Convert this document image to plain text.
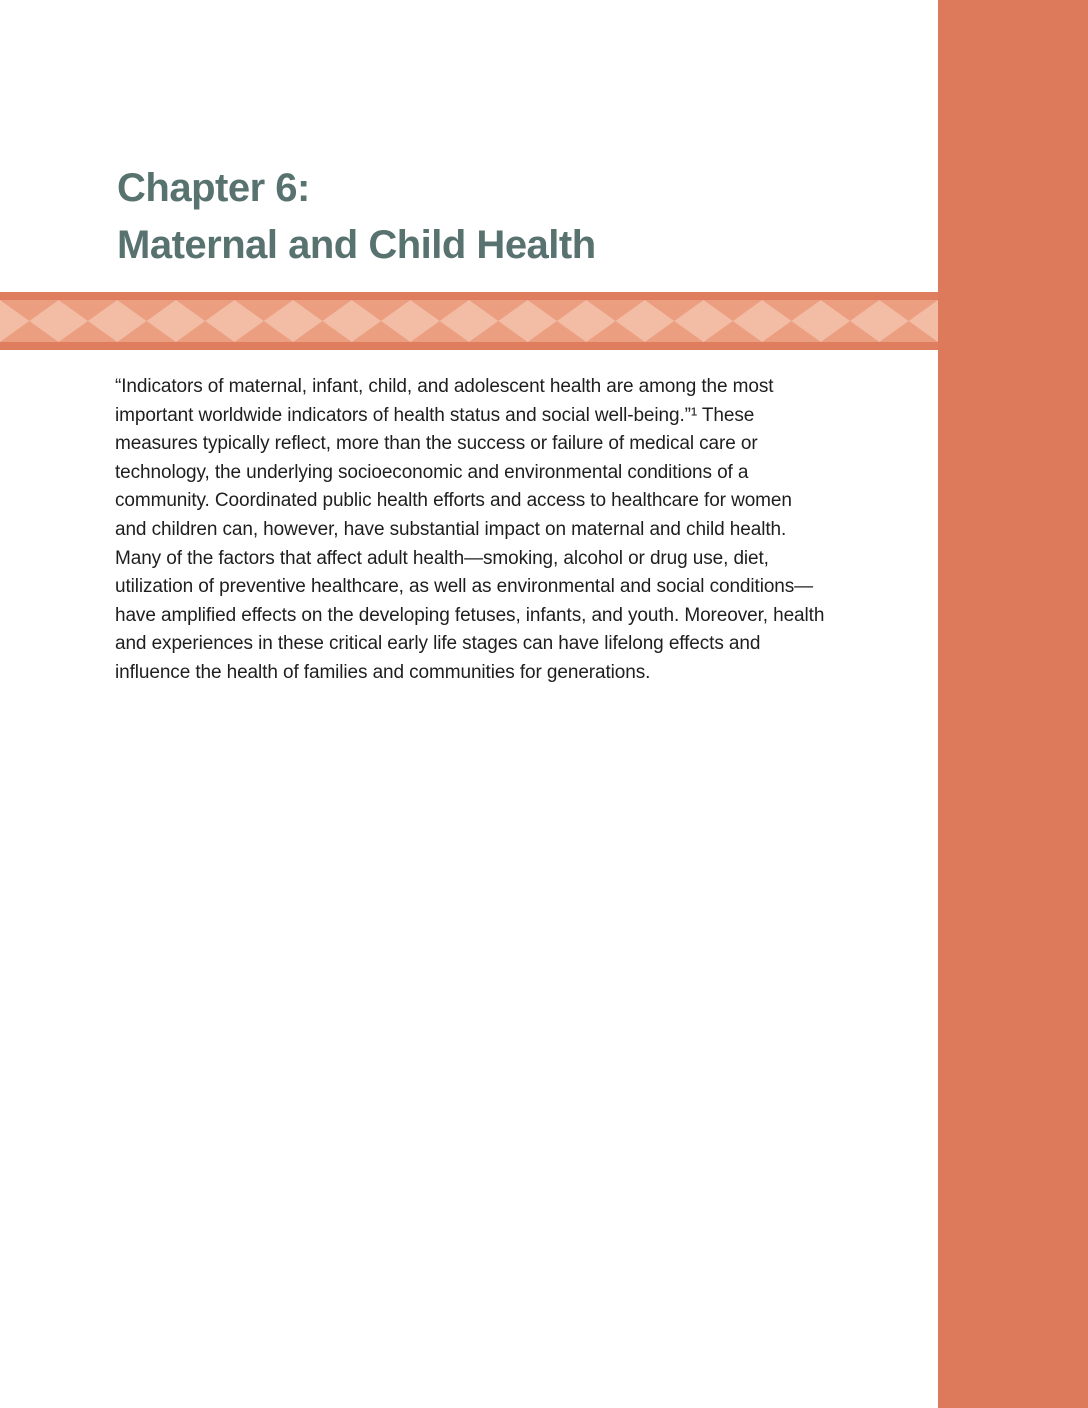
Chapter 6:
Maternal and Child Health
“Indicators of maternal, infant, child, and adolescent health are among the most
important worldwide indicators of health status and social well-being.”¹ These
measures typically reflect, more than the success or failure of medical care or
technology, the underlying socioeconomic and environmental conditions of a
community. Coordinated public health efforts and access to healthcare for women
and children can, however, have substantial impact on maternal and child health.
Many of the factors that affect adult health—smoking, alcohol or drug use, diet,
utilization of preventive healthcare, as well as environmental and social conditions—
have amplified effects on the developing fetuses, infants, and youth. Moreover, health
and experiences in these critical early life stages can have lifelong effects and
influence the health of families and communities for generations.
